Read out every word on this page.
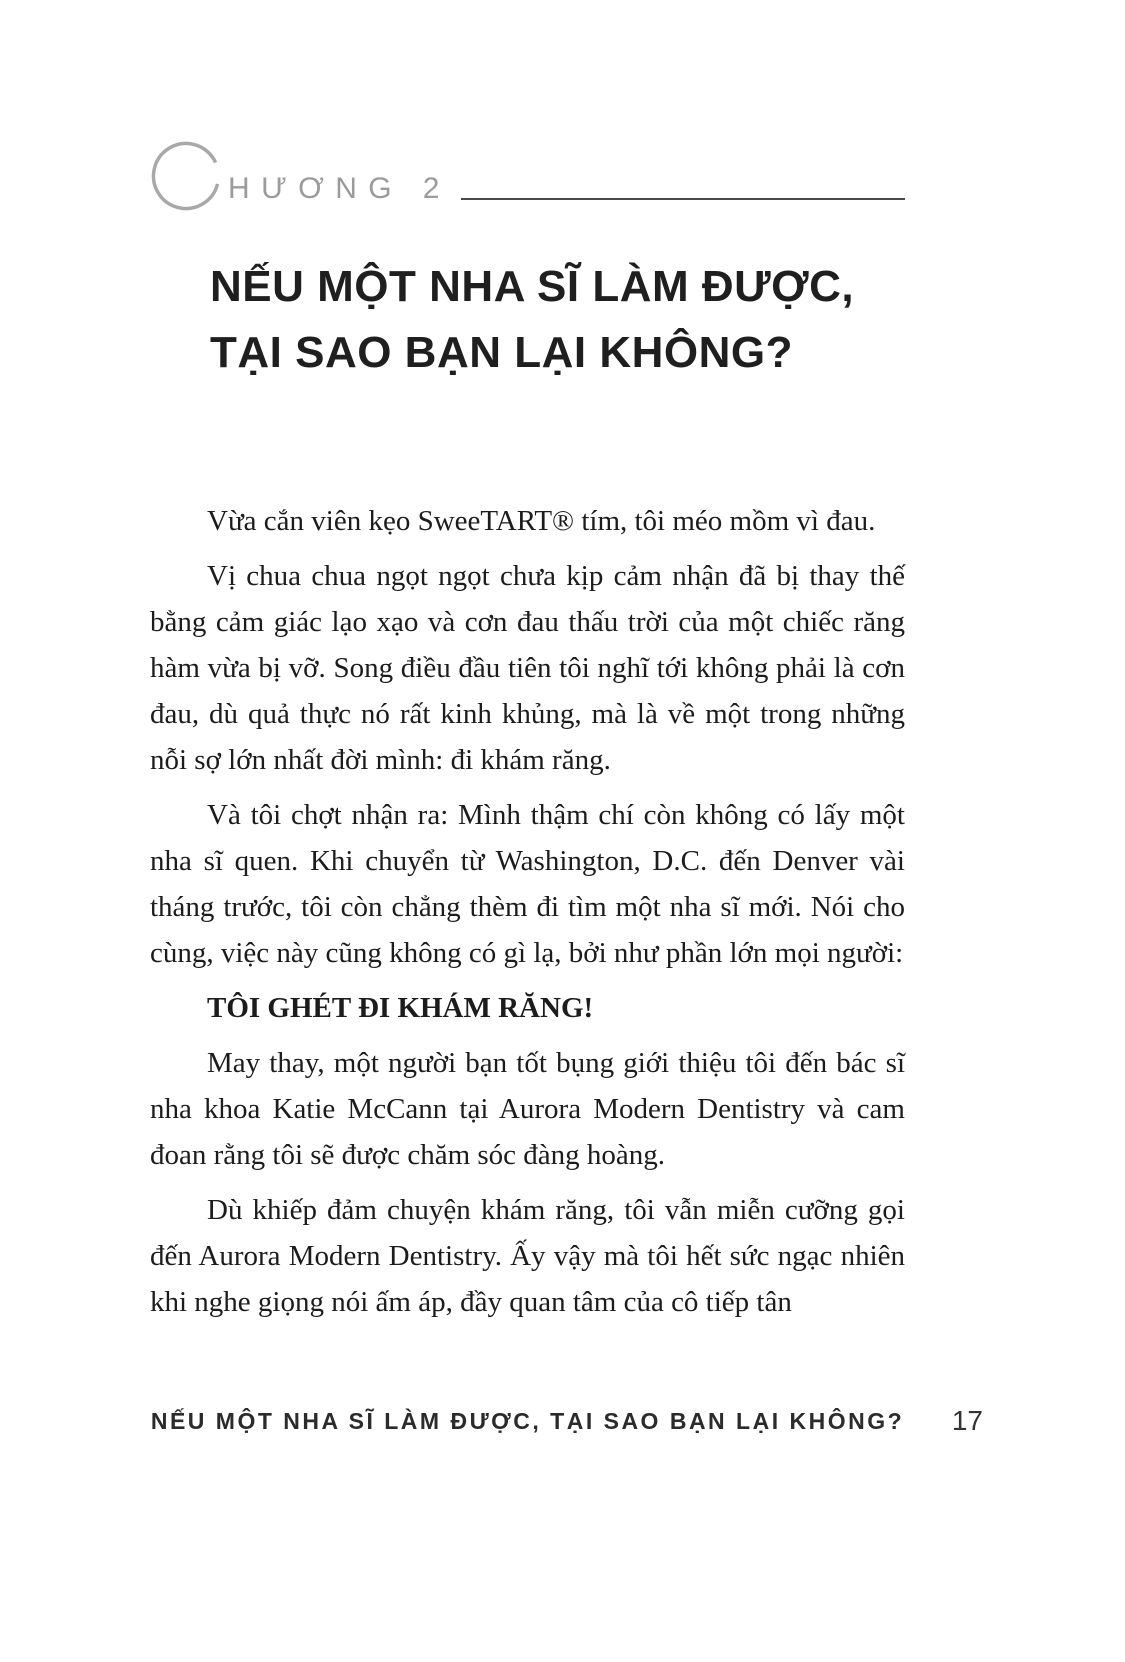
HƯƠNG 2
NẾU MỘT NHA SĨ LÀM ĐƯỢC,
TẠI SAO BẠN LẠI KHÔNG?

Vừa cắn viên kẹo SweeTART® tím, tôi méo mồm vì đau.

Vị chua chua ngọt ngọt chưa kịp cảm nhận đã bị thay thế bằng cảm giác lạo xạo và cơn đau thấu trời của một chiếc răng hàm vừa bị vỡ. Song điều đầu tiên tôi nghĩ tới không phải là cơn đau, dù quả thực nó rất kinh khủng, mà là về một trong những nỗi sợ lớn nhất đời mình: đi khám răng.

Và tôi chợt nhận ra: Mình thậm chí còn không có lấy một nha sĩ quen. Khi chuyển từ Washington, D.C. đến Denver vài tháng trước, tôi còn chẳng thèm đi tìm một nha sĩ mới. Nói cho cùng, việc này cũng không có gì lạ, bởi như phần lớn mọi người:

TÔI GHÉT ĐI KHÁM RĂNG!

May thay, một người bạn tốt bụng giới thiệu tôi đến bác sĩ nha khoa Katie McCann tại Aurora Modern Dentistry và cam đoan rằng tôi sẽ được chăm sóc đàng hoàng.

Dù khiếp đảm chuyện khám răng, tôi vẫn miễn cưỡng gọi đến Aurora Modern Dentistry. Ấy vậy mà tôi hết sức ngạc nhiên khi nghe giọng nói ấm áp, đầy quan tâm của cô tiếp tân

NẾU MỘT NHA SĨ LÀM ĐƯỢC, TẠI SAO BẠN LẠI KHÔNG? 17
